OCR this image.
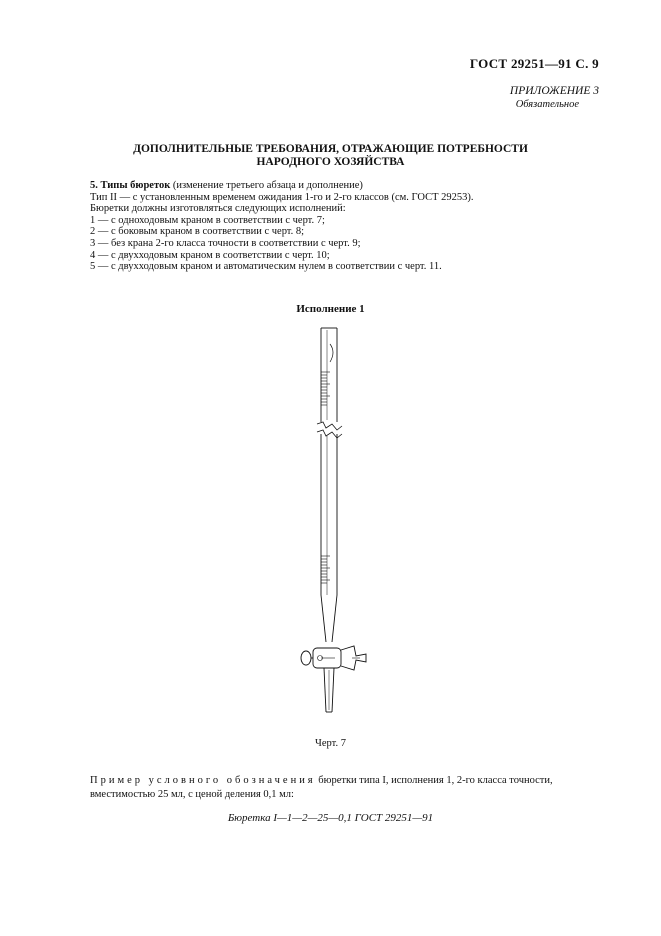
ГОСТ 29251—91 С. 9
ПРИЛОЖЕНИЕ 3
Обязательное
ДОПОЛНИТЕЛЬНЫЕ ТРЕБОВАНИЯ, ОТРАЖАЮЩИЕ ПОТРЕБНОСТИ
НАРОДНОГО ХОЗЯЙСТВА
5. Типы бюреток (изменение третьего абзаца и дополнение)
Тип II — с установленным временем ожидания 1-го и 2-го классов (см. ГОСТ 29253).
Бюретки должны изготовляться следующих исполнений:
1 — с одноходовым краном в соответствии с черт. 7;
2 — с боковым краном в соответствии с черт. 8;
3 — без крана 2-го класса точности в соответствии с черт. 9;
4 — с двухходовым краном в соответствии с черт. 10;
5 — с двухходовым краном и автоматическим нулем в соответствии с черт. 11.
Исполнение 1
Черт. 7
Пример условного обозначения бюретки типа I, исполнения 1, 2-го класса точности,
вместимостью 25 мл, с ценой деления 0,1 мл:
Бюретка I—1—2—25—0,1 ГОСТ 29251—91
